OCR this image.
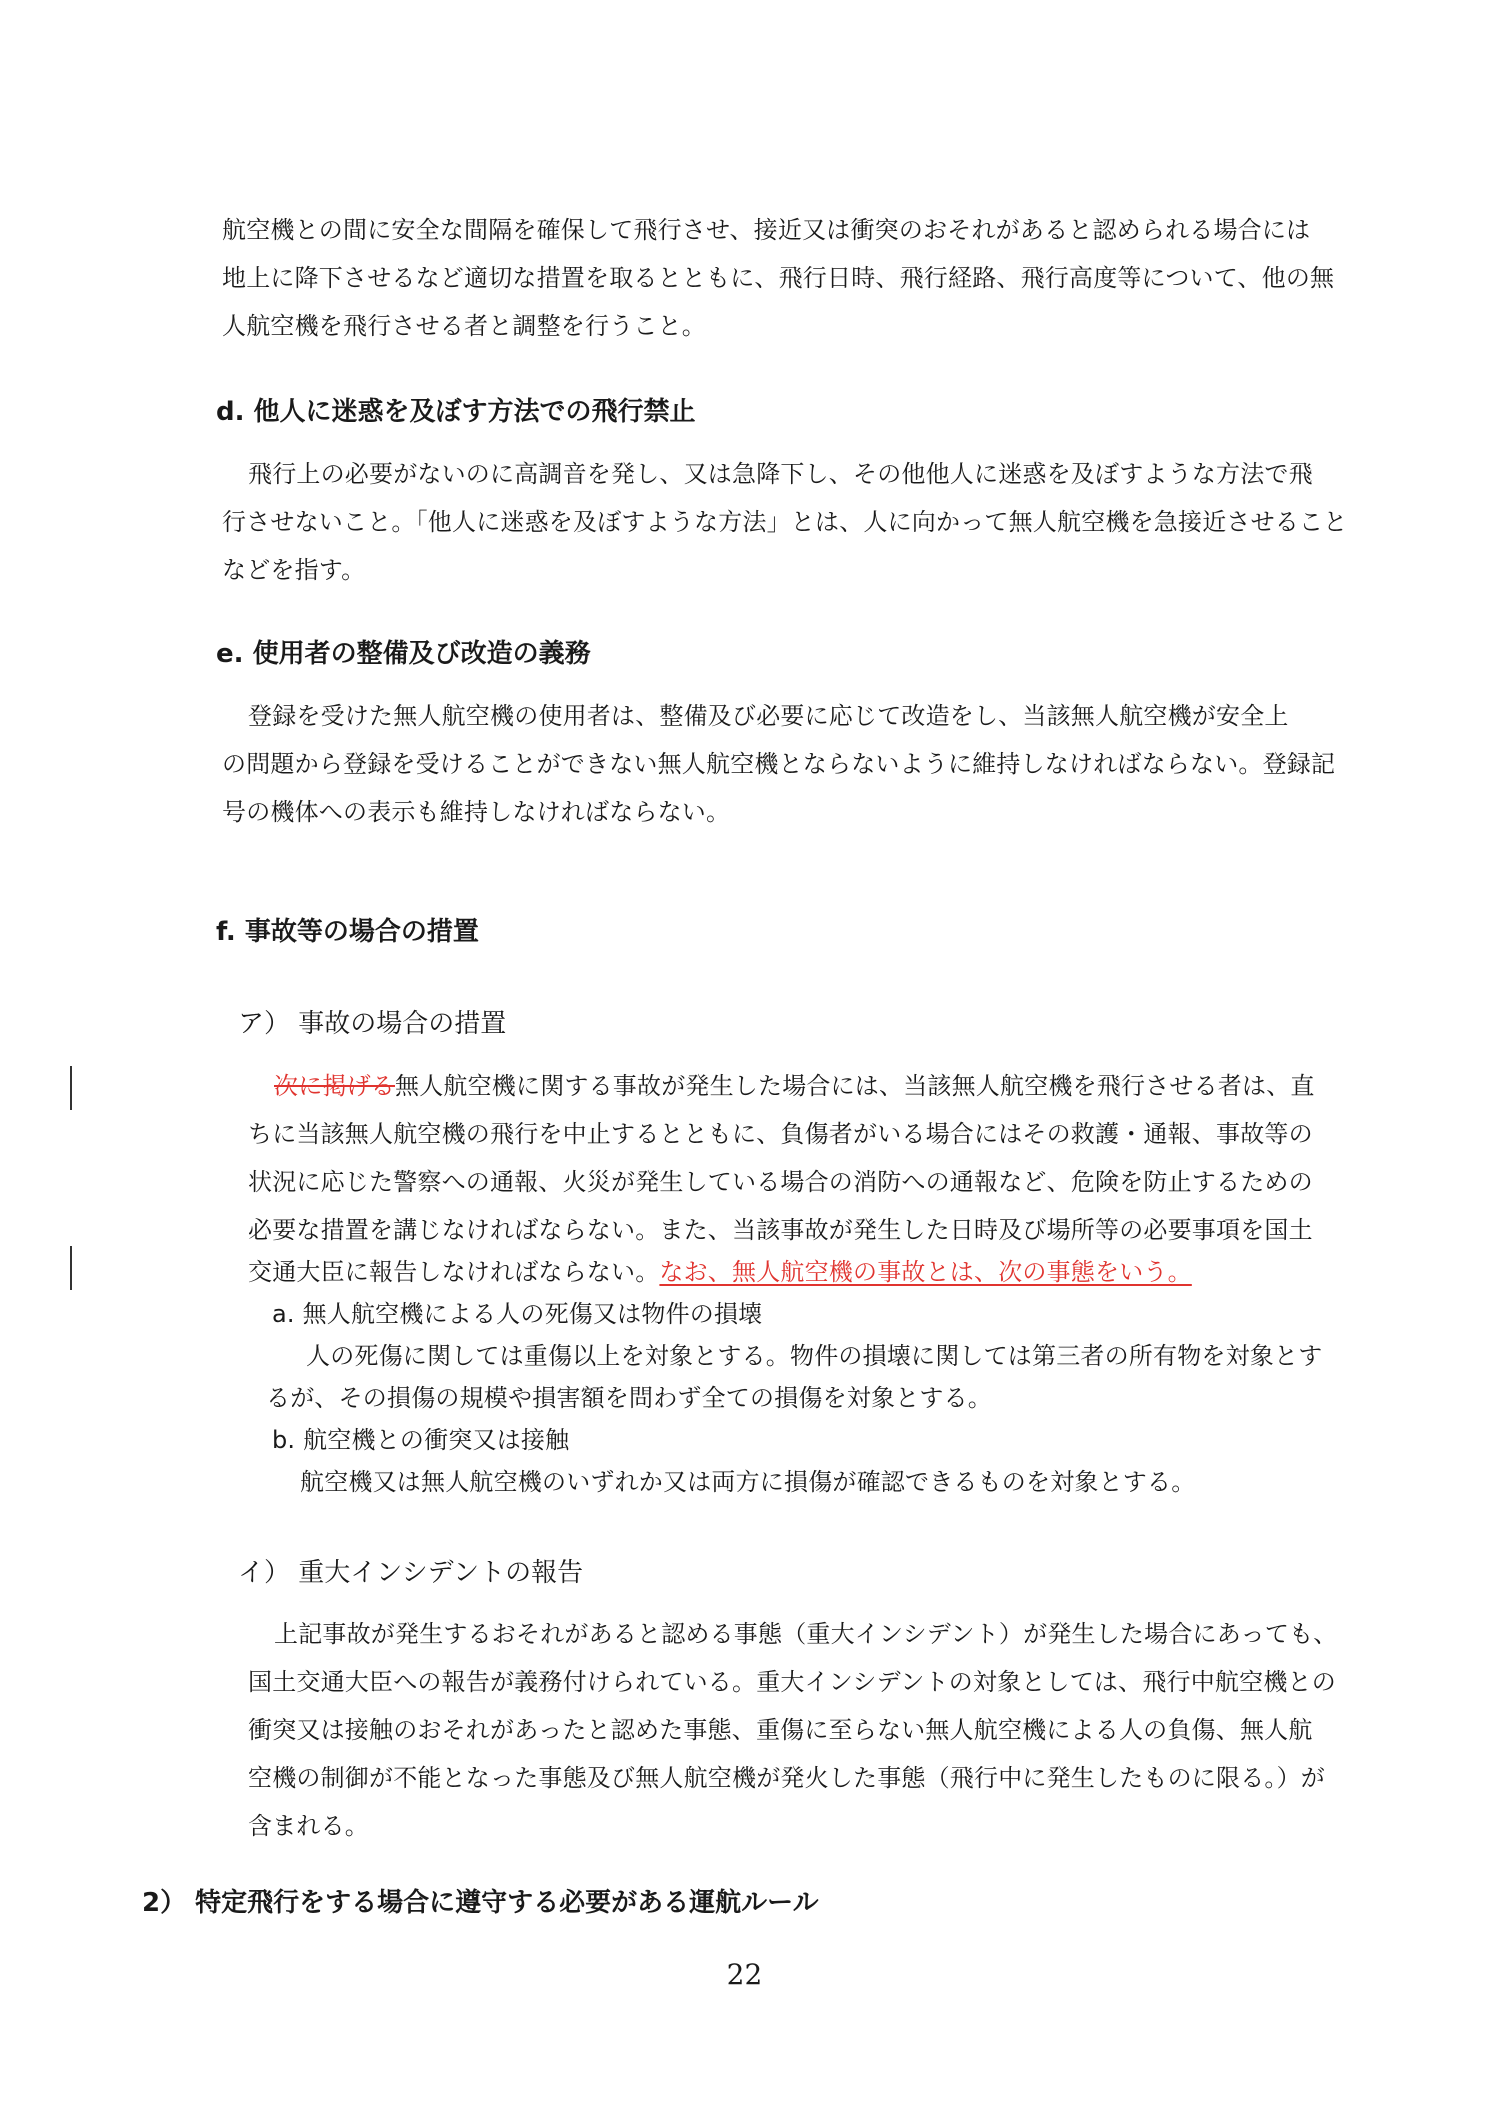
航空機との間に安全な間隔を確保して飛行させ、接近又は衝突のおそれがあると認められる場合には
地上に降下させるなど適切な措置を取るとともに、飛行日時、飛行経路、飛行高度等について、他の無
人航空機を飛行させる者と調整を行うこと。
d. 他人に迷惑を及ぼす方法での飛行禁止
飛行上の必要がないのに高調音を発し、又は急降下し、その他他人に迷惑を及ぼすような方法で飛
行させないこと。「他人に迷惑を及ぼすような方法」とは、人に向かって無人航空機を急接近させること
などを指す。
e. 使用者の整備及び改造の義務
登録を受けた無人航空機の使用者は、整備及び必要に応じて改造をし、当該無人航空機が安全上
の問題から登録を受けることができない無人航空機とならないように維持しなければならない。登録記
号の機体への表示も維持しなければならない。
f. 事故等の場合の措置
ア） 事故の場合の措置
次に掲げる無人航空機に関する事故が発生した場合には、当該無人航空機を飛行させる者は、直
ちに当該無人航空機の飛行を中止するとともに、負傷者がいる場合にはその救護・通報、事故等の
状況に応じた警察への通報、火災が発生している場合の消防への通報など、危険を防止するための
必要な措置を講じなければならない。また、当該事故が発生した日時及び場所等の必要事項を国土
交通大臣に報告しなければならない。なお、無人航空機の事故とは、次の事態をいう。
a. 無人航空機による人の死傷又は物件の損壊
人の死傷に関しては重傷以上を対象とする。物件の損壊に関しては第三者の所有物を対象とす
るが、その損傷の規模や損害額を問わず全ての損傷を対象とする。
b. 航空機との衝突又は接触
航空機又は無人航空機のいずれか又は両方に損傷が確認できるものを対象とする。
イ） 重大インシデントの報告
上記事故が発生するおそれがあると認める事態（重大インシデント）が発生した場合にあっても、
国土交通大臣への報告が義務付けられている。重大インシデントの対象としては、飛行中航空機との
衝突又は接触のおそれがあったと認めた事態、重傷に至らない無人航空機による人の負傷、無人航
空機の制御が不能となった事態及び無人航空機が発火した事態（飛行中に発生したものに限る。）が
含まれる。
2） 特定飛行をする場合に遵守する必要がある運航ルール
22
